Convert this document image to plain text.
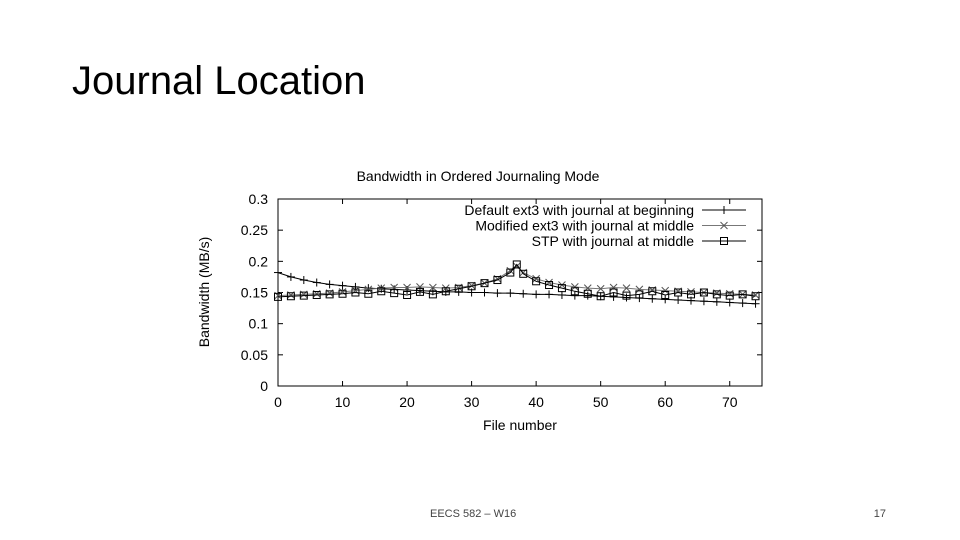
Journal Location
Bandwidth in Ordered Journaling Mode
File number
Bandwidth (MB/s)
0
0.05
0.1
0.15
0.2
0.25
0.3
0	10	20	30	40	50	60	70
Default ext3 with journal at beginning
Modified ext3 with journal at middle
STP with journal at middle
EECS 582 – W16	17
